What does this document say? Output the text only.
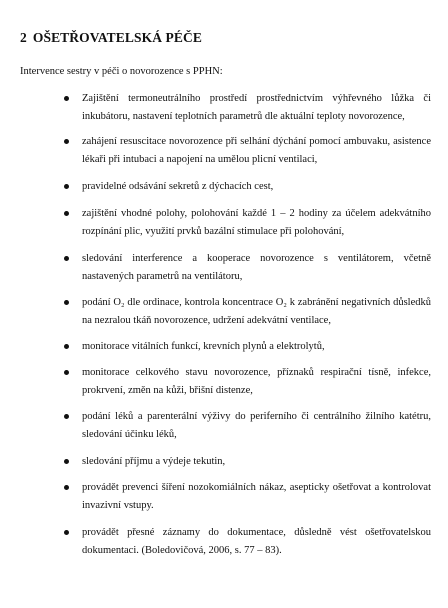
2 OŠETŘOVATELSKÁ PÉČE

Intervence sestry v péči o novorozence s PPHN:

Zajištění termoneutrálního prostředí prostřednictvím výhřevného lůžka či inkubátoru, nastavení teplotních parametrů dle aktuální teploty novorozence,

zahájení resuscitace novorozence při selhání dýchání pomocí ambuvaku, asistence lékaři při intubaci a napojení na umělou plicní ventilaci,

pravidelné odsávání sekretů z dýchacích cest,

zajištění vhodné polohy, polohování každé 1 – 2 hodiny za účelem adekvátního rozpínání plic, využití prvků bazální stimulace při polohování,

sledování interference a kooperace novorozence s ventilátorem, včetně nastavených parametrů na ventilátoru,

podání O₂ dle ordinace, kontrola koncentrace O₂ k zabránění negativních důsledků na nezralou tkáň novorozence, udržení adekvátní ventilace,

monitorace vitálních funkcí, krevních plynů a elektrolytů,

monitorace celkového stavu novorozence, příznaků respirační tísně, infekce, prokrvení, změn na kůži, břišní distenze,

podání léků a parenterální výživy do periferního či centrálního žilního katétru, sledování účinku léků,

sledování příjmu a výdeje tekutin,

provádět prevenci šíření nozokomiálních nákaz, asepticky ošetřovat a kontrolovat invazivní vstupy.

provádět přesné záznamy do dokumentace, důsledně vést ošetřovatelskou dokumentaci. (Boledovičová, 2006, s. 77 – 83).
